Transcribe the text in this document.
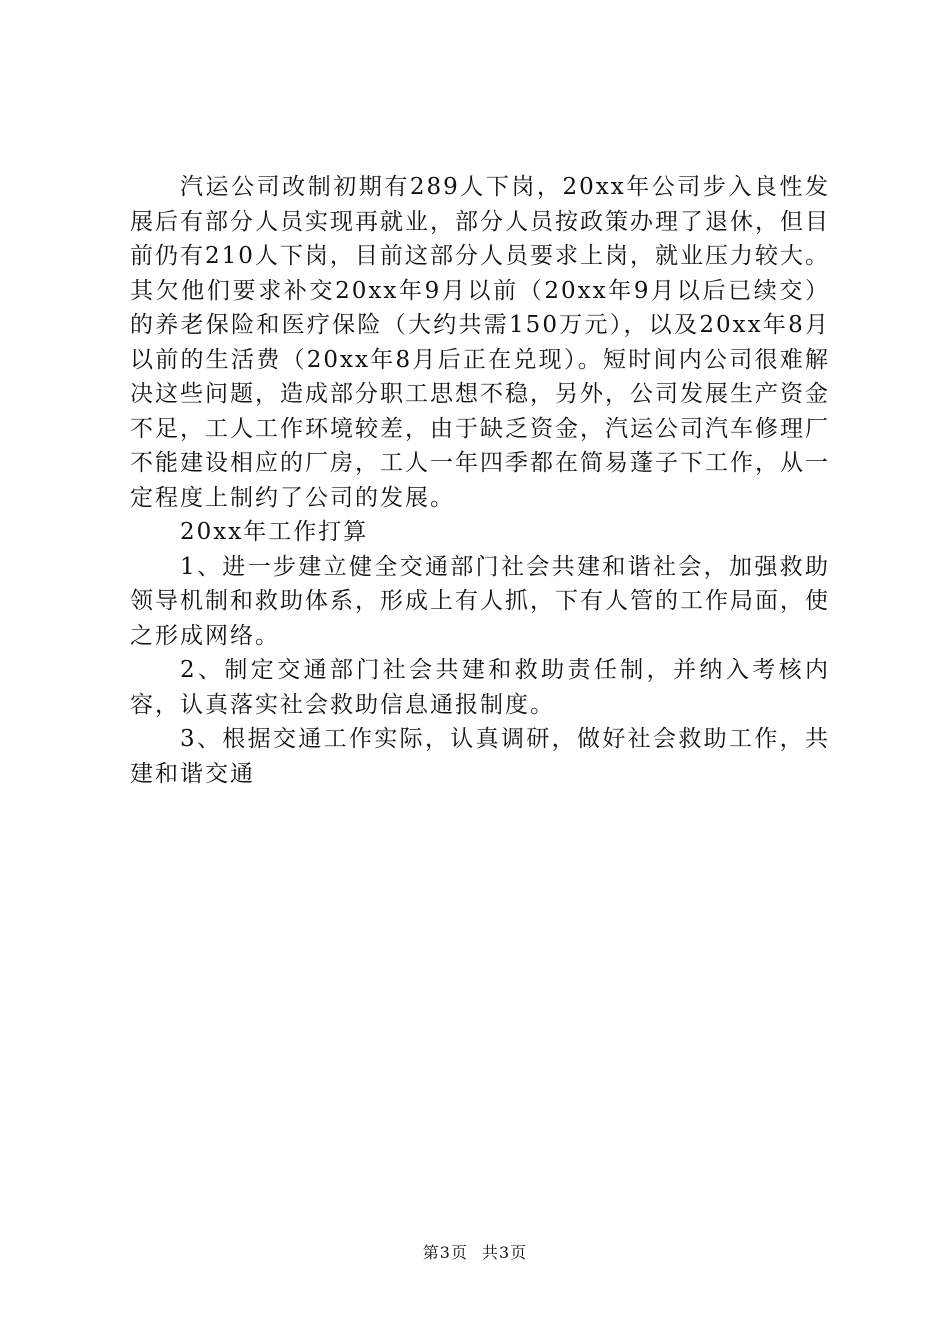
汽运公司改制初期有289人下岗，20xx年公司步入良性发展后有部分人员实现再就业，部分人员按政策办理了退休，但目前仍有210人下岗，目前这部分人员要求上岗，就业压力较大。其欠他们要求补交20xx年9月以前（20xx年9月以后已续交）的养老保险和医疗保险（大约共需150万元），以及20xx年8月以前的生活费（20xx年8月后正在兑现）。短时间内公司很难解决这些问题，造成部分职工思想不稳，另外，公司发展生产资金不足，工人工作环境较差，由于缺乏资金，汽运公司汽车修理厂不能建设相应的厂房，工人一年四季都在简易蓬子下工作，从一定程度上制约了公司的发展。

20xx年工作打算

1、进一步建立健全交通部门社会共建和谐社会，加强救助领导机制和救助体系，形成上有人抓，下有人管的工作局面，使之形成网络。

2、制定交通部门社会共建和救助责任制，并纳入考核内容，认真落实社会救助信息通报制度。

3、根据交通工作实际，认真调研，做好社会救助工作，共建和谐交通

第3页 共3页
